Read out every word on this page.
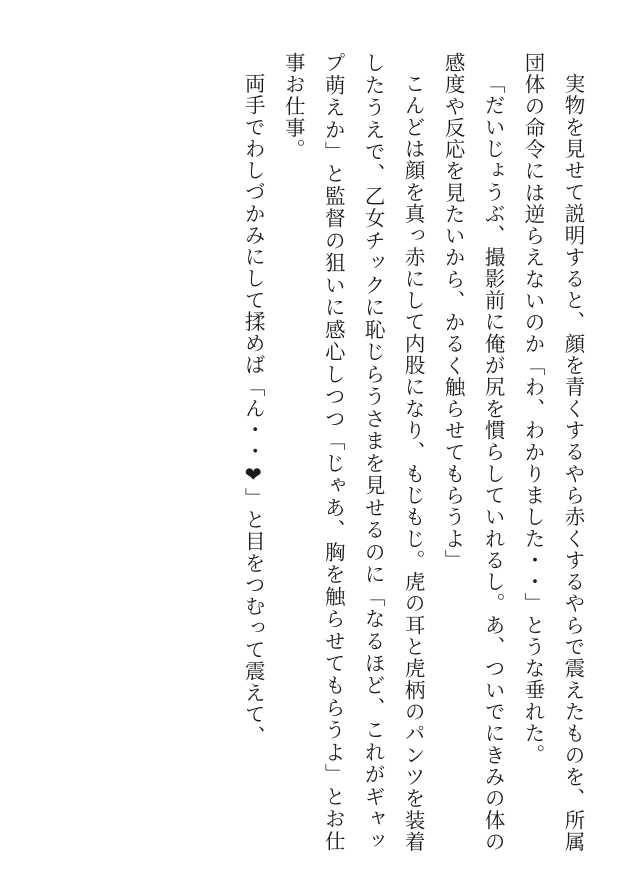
実物を見せて説明すると、顔を青くするやら赤くするやらで震えたものを、所属団体の命令には逆らえないのか「わ、わかりました・・」とうな垂れた。

「だいじょうぶ、撮影前に俺が尻を慣らしていれるし。あ、ついでにきみの体の感度や反応を見たいから、かるく触らせてもらうよ」

こんどは顔を真っ赤にして内股になり、もじもじ。虎の耳と虎柄のパンツを装着したうえで、乙女チックに恥じらうさまを見せるのに「なるほど、これがギャップ萌えか」と監督の狙いに感心しつつ「じゃあ、胸を触らせてもらうよ」とお仕事お仕事。

両手でわしづかみにして揉めば「ん・・❤」と目をつむって震えて、
